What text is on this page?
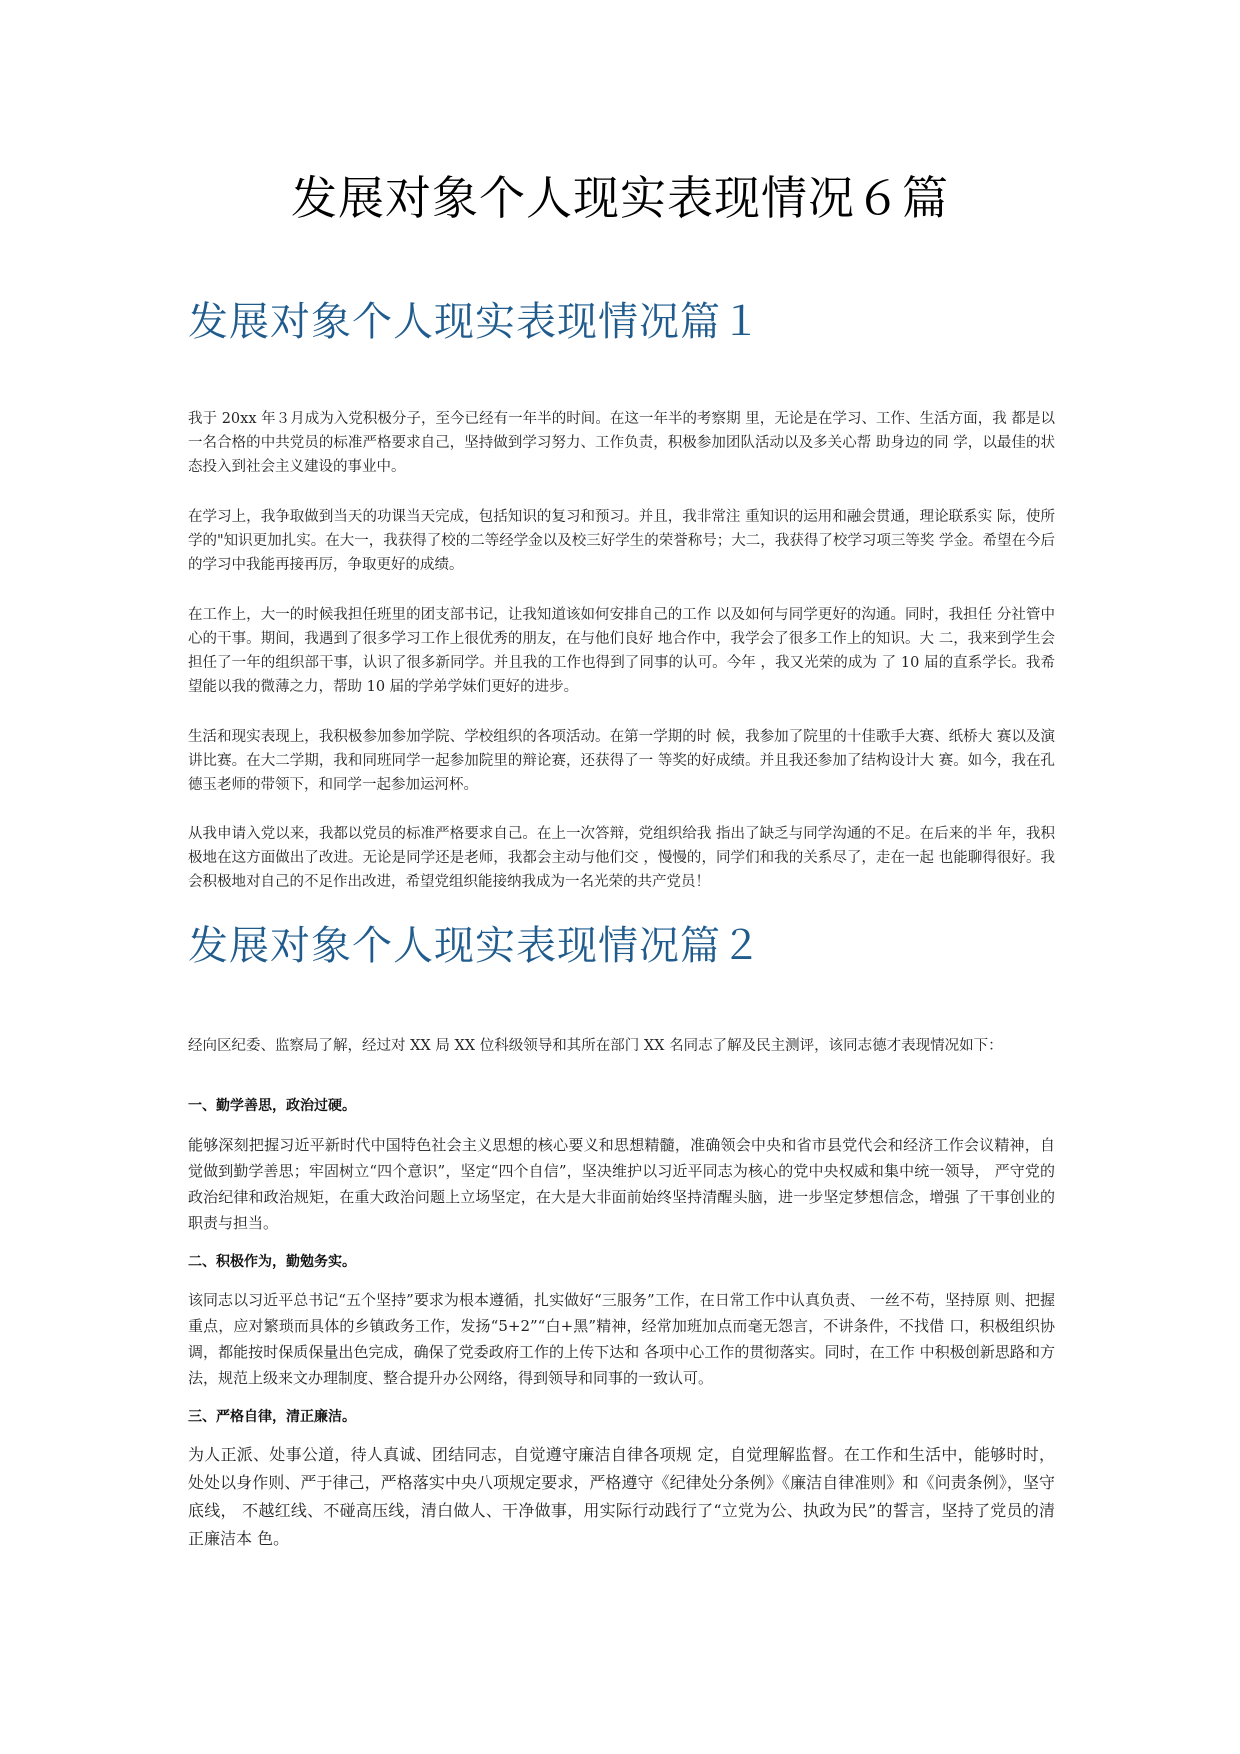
发展对象个人现实表现情况６篇
发展对象个人现实表现情况篇１

我于 20xx 年３月成为入党积极分子，至今已经有一年半的时间。在这一年半的考察期 里，无论是在学习、工作、生活方面，我 都是以一名合格的中共党员的标准严格要求自己，坚持做到学习努力、工作负责，积极参加团队活动以及多关心帮 助身边的同 学，以最佳的状态投入到社会主义建设的事业中。

在学习上，我争取做到当天的功课当天完成，包括知识的复习和预习。并且，我非常注 重知识的运用和融会贯通，理论联系实 际，使所学的"知识更加扎实。在大一，我获得了校的二等经学金以及校三好学生的荣誉称号；大二，我获得了校学习项三等奖 学金。希望在今后的学习中我能再接再厉，争取更好的成绩。

在工作上，大一的时候我担任班里的团支部书记，让我知道该如何安排自己的工作 以及如何与同学更好的沟通。同时，我担任 分社管中心的干事。期间，我遇到了很多学习工作上很优秀的朋友，在与他们良好 地合作中，我学会了很多工作上的知识。大 二，我来到学生会担任了一年的组织部干事，认识了很多新同学。并且我的工作也得到了同事的认可。今年 ，我又光荣的成为 了 10 届的直系学长。我希望能以我的微薄之力，帮助 10 届的学弟学妹们更好的进步。

生活和现实表现上，我积极参加参加学院、学校组织的各项活动。在第一学期的时 候，我参加了院里的十佳歌手大赛、纸桥大 赛以及演讲比赛。在大二学期，我和同班同学一起参加院里的辩论赛，还获得了一 等奖的好成绩。并且我还参加了结构设计大 赛。如今，我在孔德玉老师的带领下，和同学一起参加运河杯。

从我申请入党以来，我都以党员的标准严格要求自己。在上一次答辩，党组织给我 指出了缺乏与同学沟通的不足。在后来的半 年，我积极地在这方面做出了改进。无论是同学还是老师，我都会主动与他们交 ，慢慢的，同学们和我的关系尽了，走在一起 也能聊得很好。我会积极地对自己的不足作出改进，希望党组织能接纳我成为一名光荣的共产党员！

发展对象个人现实表现情况篇２

经向区纪委、监察局了解，经过对 XX 局 XX 位科级领导和其所在部门 XX 名同志了解及民主测评，该同志德才表现情况如下：

一、勤学善思，政治过硬。

能够深刻把握习近平新时代中国特色社会主义思想的核心要义和思想精髓，准确领会中央和省市县党代会和经济工作会议精神，自觉做到勤学善思；牢固树立“四个意识”，坚定“四个自信”，坚决维护以习近平同志为核心的党中央权威和集中统一领导， 严守党的政治纪律和政治规矩，在重大政治问题上立场坚定，在大是大非面前始终坚持清醒头脑，进一步坚定梦想信念，增强 了干事创业的职责与担当。

二、积极作为，勤勉务实。

该同志以习近平总书记“五个坚持”要求为根本遵循，扎实做好“三服务”工作，在日常工作中认真负责、 一丝不苟，坚持原 则、把握重点，应对繁琐而具体的乡镇政务工作，发扬“5+2”“白+黑”精神，经常加班加点而毫无怨言，不讲条件，不找借 口，积极组织协调，都能按时保质保量出色完成，确保了党委政府工作的上传下达和 各项中心工作的贯彻落实。同时，在工作 中积极创新思路和方法，规范上级来文办理制度、整合提升办公网络，得到领导和同事的一致认可。

三、严格自律，清正廉洁。

为人正派、处事公道，待人真诚、团结同志，自觉遵守廉洁自律各项规 定，自觉理解监督。在工作和生活中，能够时时，处处以身作则、严于律己，严格落实中央八项规定要求，严格遵守《纪律处分条例》《廉洁自律准则》和《问责条例》，坚守底线， 不越红线、不碰高压线，清白做人、干净做事，用实际行动践行了“立党为公、执政为民”的誓言，坚持了党员的清正廉洁本 色。
